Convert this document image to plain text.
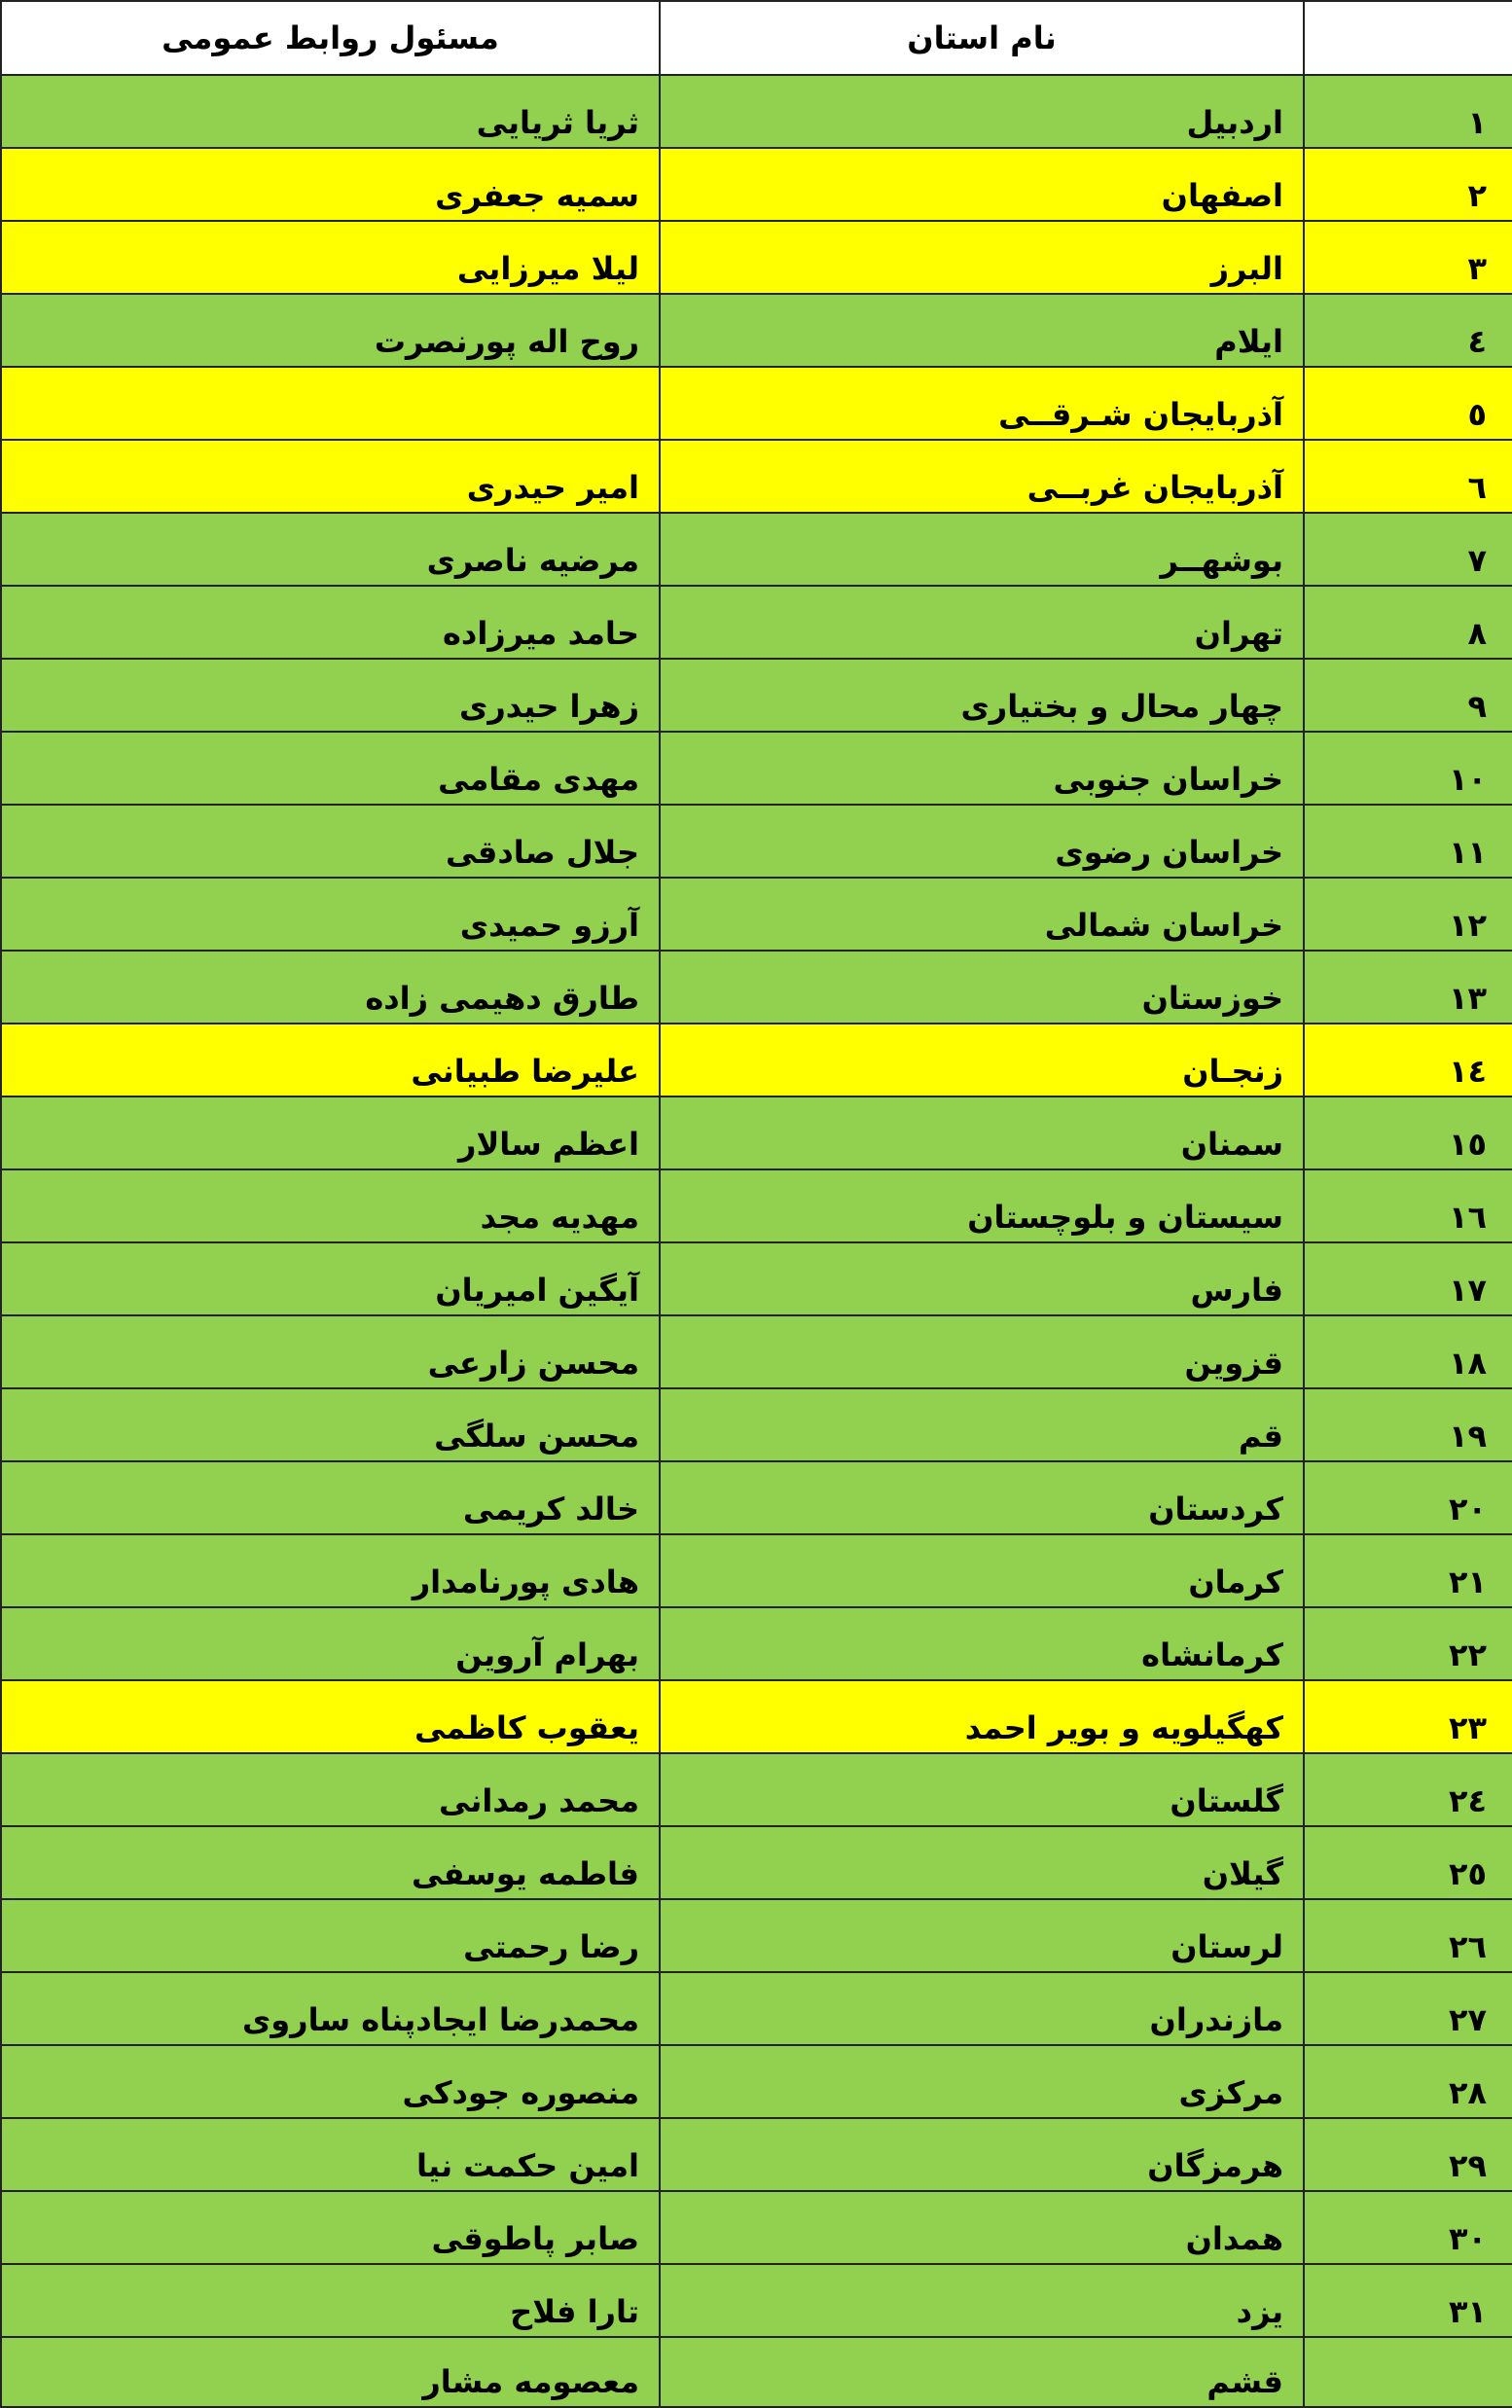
	نام استان	مسئول روابط عمومی
۱	اردبیل	ثریا ثریایی
۲	اصفهان	سمیه جعفری
۳	البرز	لیلا میرزایی
٤	ایلام	روح اله پورنصرت
٥	آذربایجان شـرقــی	
٦	آذربایجان غربــی	امیر حیدری
۷	بوشهــر	مرضیه ناصری
۸	تهران	حامد میرزاده
۹	چهار محال و بختیاری	زهرا حیدری
۱۰	خراسان جنوبی	مهدی مقامی
۱۱	خراسان رضوی	جلال صادقی
۱۲	خراسان شمالی	آرزو حمیدی
۱۳	خوزستان	طارق دهیمی زاده
۱٤	زنجـان	علیرضا طبیانی
۱٥	سمنان	اعظم سالار
۱٦	سیستان و بلوچستان	مهدیه مجد
۱۷	فارس	آیگین امیریان
۱۸	قزوین	محسن زارعی
۱۹	قم	محسن سلگی
۲۰	کردستان	خالد کریمی
۲۱	کرمان	هادی پورنامدار
۲۲	کرمانشاه	بهرام آروین
۲۳	کهگیلویه و بویر احمد	یعقوب کاظمی
۲٤	گلستان	محمد رمدانی
۲٥	گیلان	فاطمه یوسفی
۲٦	لرستان	رضا رحمتی
۲۷	مازندران	محمدرضا ایجادپناه ساروی
۲۸	مرکزی	منصوره جودکی
۲۹	هرمزگان	امین حکمت نیا
۳۰	همدان	صابر پاطوقی
۳۱	یزد	تارا فلاح
	قشم	معصومه مشار
